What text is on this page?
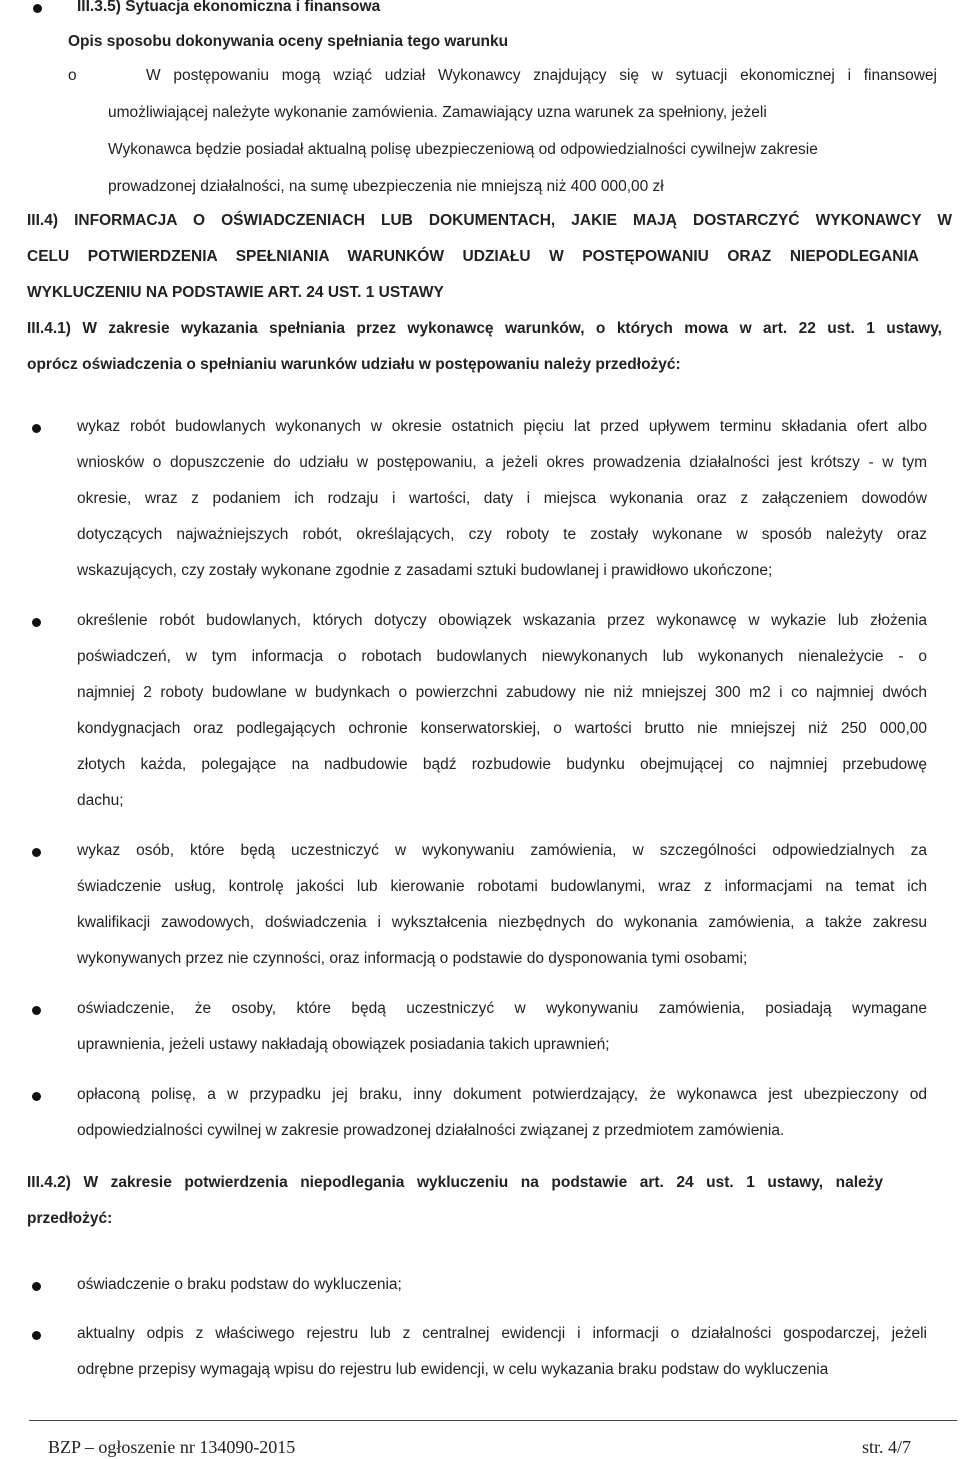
III.3.5) Sytuacja ekonomiczna i finansowa
Opis sposobu dokonywania oceny spełniania tego warunku
o	W postępowaniu mogą wziąć udział Wykonawcy znajdujący się w sytuacji ekonomicznej i finansowej
umożliwiającej należyte wykonanie zamówienia. Zamawiający uzna warunek za spełniony, jeżeli
Wykonawca będzie posiadał aktualną polisę ubezpieczeniową od odpowiedzialności cywilnejw zakresie
prowadzonej działalności, na sumę ubezpieczenia nie mniejszą niż 400 000,00 zł
III.4) INFORMACJA O OŚWIADCZENIACH LUB DOKUMENTACH, JAKIE MAJĄ DOSTARCZYĆ WYKONAWCY W
CELU POTWIERDZENIA SPEŁNIANIA WARUNKÓW UDZIAŁU W POSTĘPOWANIU ORAZ NIEPODLEGANIA
WYKLUCZENIU NA PODSTAWIE ART. 24 UST. 1 USTAWY
III.4.1) W zakresie wykazania spełniania przez wykonawcę warunków, o których mowa w art. 22 ust. 1 ustawy,
oprócz oświadczenia o spełnianiu warunków udziału w postępowaniu należy przedłożyć:
wykaz robót budowlanych wykonanych w okresie ostatnich pięciu lat przed upływem terminu składania ofert albo
wniosków o dopuszczenie do udziału w postępowaniu, a jeżeli okres prowadzenia działalności jest krótszy - w tym
okresie, wraz z podaniem ich rodzaju i wartości, daty i miejsca wykonania oraz z załączeniem dowodów
dotyczących najważniejszych robót, określających, czy roboty te zostały wykonane w sposób należyty oraz
wskazujących, czy zostały wykonane zgodnie z zasadami sztuki budowlanej i prawidłowo ukończone;
określenie robót budowlanych, których dotyczy obowiązek wskazania przez wykonawcę w wykazie lub złożenia
poświadczeń, w tym informacja o robotach budowlanych niewykonanych lub wykonanych nienależycie - o
najmniej 2 roboty budowlane w budynkach o powierzchni zabudowy nie niż mniejszej 300 m2 i co najmniej dwóch
kondygnacjach oraz podlegających ochronie konserwatorskiej, o wartości brutto nie mniejszej niż 250 000,00
złotych każda, polegające na nadbudowie bądź rozbudowie budynku obejmującej co najmniej przebudowę
dachu;
wykaz osób, które będą uczestniczyć w wykonywaniu zamówienia, w szczególności odpowiedzialnych za
świadczenie usług, kontrolę jakości lub kierowanie robotami budowlanymi, wraz z informacjami na temat ich
kwalifikacji zawodowych, doświadczenia i wykształcenia niezbędnych do wykonania zamówienia, a także zakresu
wykonywanych przez nie czynności, oraz informacją o podstawie do dysponowania tymi osobami;
oświadczenie, że osoby, które będą uczestniczyć w wykonywaniu zamówienia, posiadają wymagane
uprawnienia, jeżeli ustawy nakładają obowiązek posiadania takich uprawnień;
opłaconą polisę, a w przypadku jej braku, inny dokument potwierdzający, że wykonawca jest ubezpieczony od
odpowiedzialności cywilnej w zakresie prowadzonej działalności związanej z przedmiotem zamówienia.
III.4.2) W zakresie potwierdzenia niepodlegania wykluczeniu na podstawie art. 24 ust. 1 ustawy, należy
przedłożyć:
oświadczenie o braku podstaw do wykluczenia;
aktualny odpis z właściwego rejestru lub z centralnej ewidencji i informacji o działalności gospodarczej, jeżeli
odrębne przepisy wymagają wpisu do rejestru lub ewidencji, w celu wykazania braku podstaw do wykluczenia
BZP – ogłoszenie nr 134090-2015	str. 4/7
